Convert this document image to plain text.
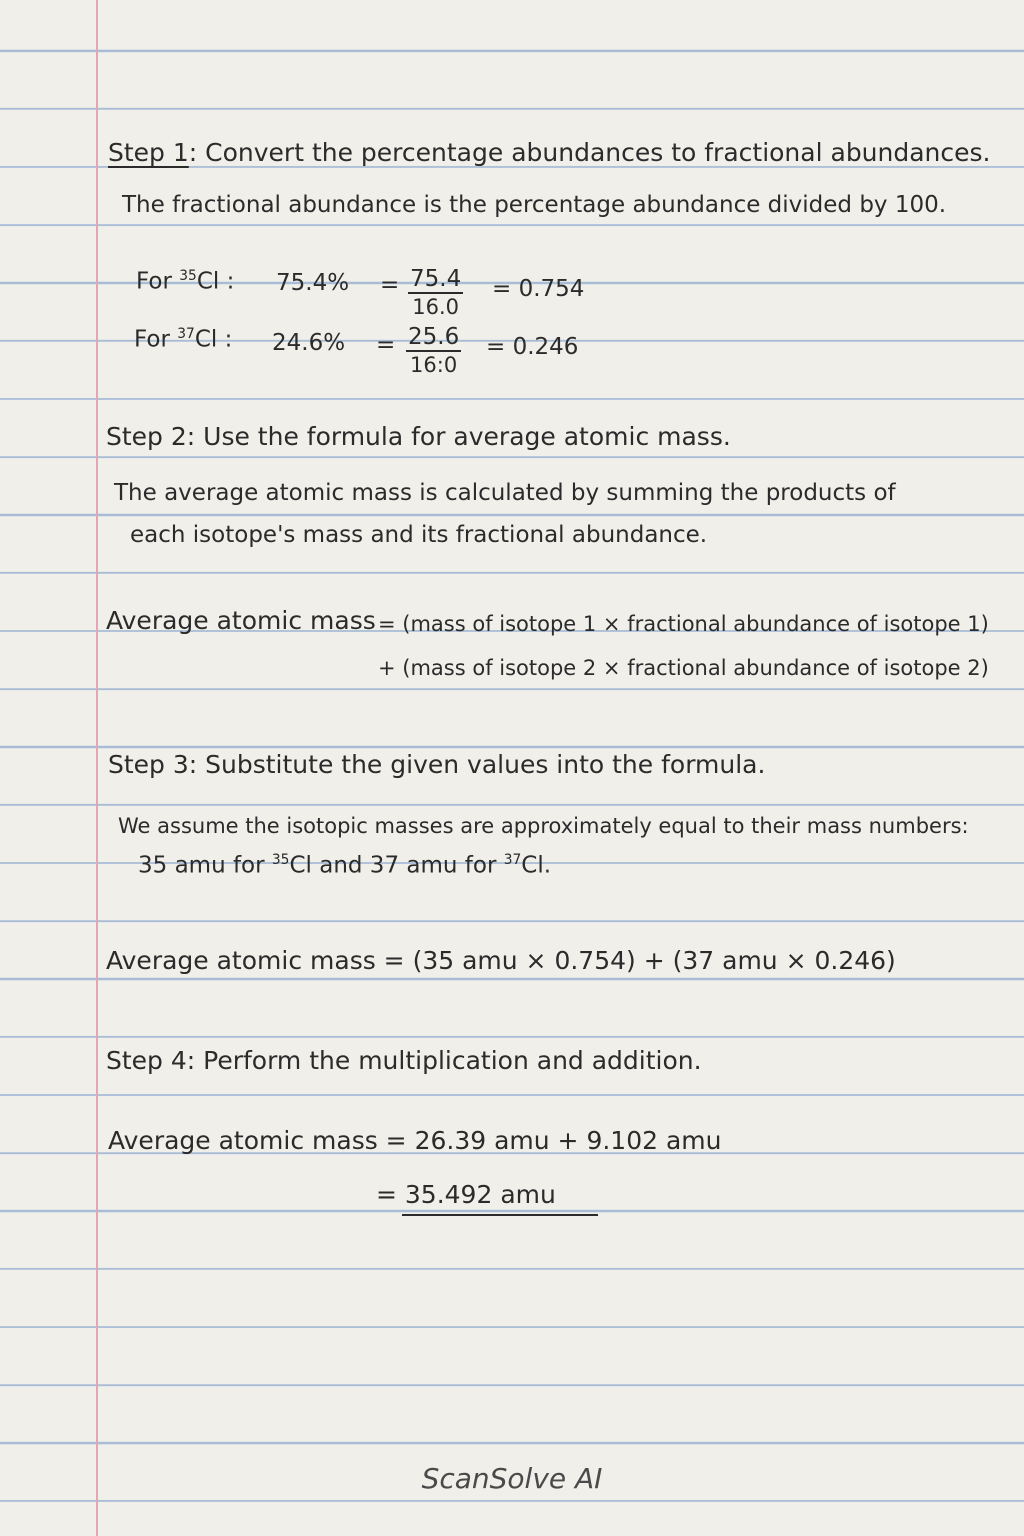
Step 1: Convert the percentage abundances to fractional abundances.
The fractional abundance is the percentage abundance divided by 100.
For $^{35}$Cl : $75.4\% = \frac{75.4}{16.0} = 0.754$
For $^{37}$Cl : $24.6\% = \frac{25.6}{16:0} = 0.246$
Step 2: Use the formula for average atomic mass.
The average atomic mass is calculated by summing the products of
each isotope's mass and its fractional abundance.
Average atomic mass = (mass of isotope 1 × fractional abundance of isotope 1)
+ (mass of isotope 2 × fractional abundance of isotope 2)
Step 3: Substitute the given values into the formula.
We assume the isotopic masses are approximately equal to their mass numbers:
35 amu for $^{35}$Cl and 37 amu for $^{37}$Cl.
Average atomic mass = (35 amu × 0.754) + (37 amu × 0.246)
Step 4: Perform the multiplication and addition.
Average atomic mass = 26.39 amu + 9.102 amu
= 35.492 amu
ScanSolve AI
